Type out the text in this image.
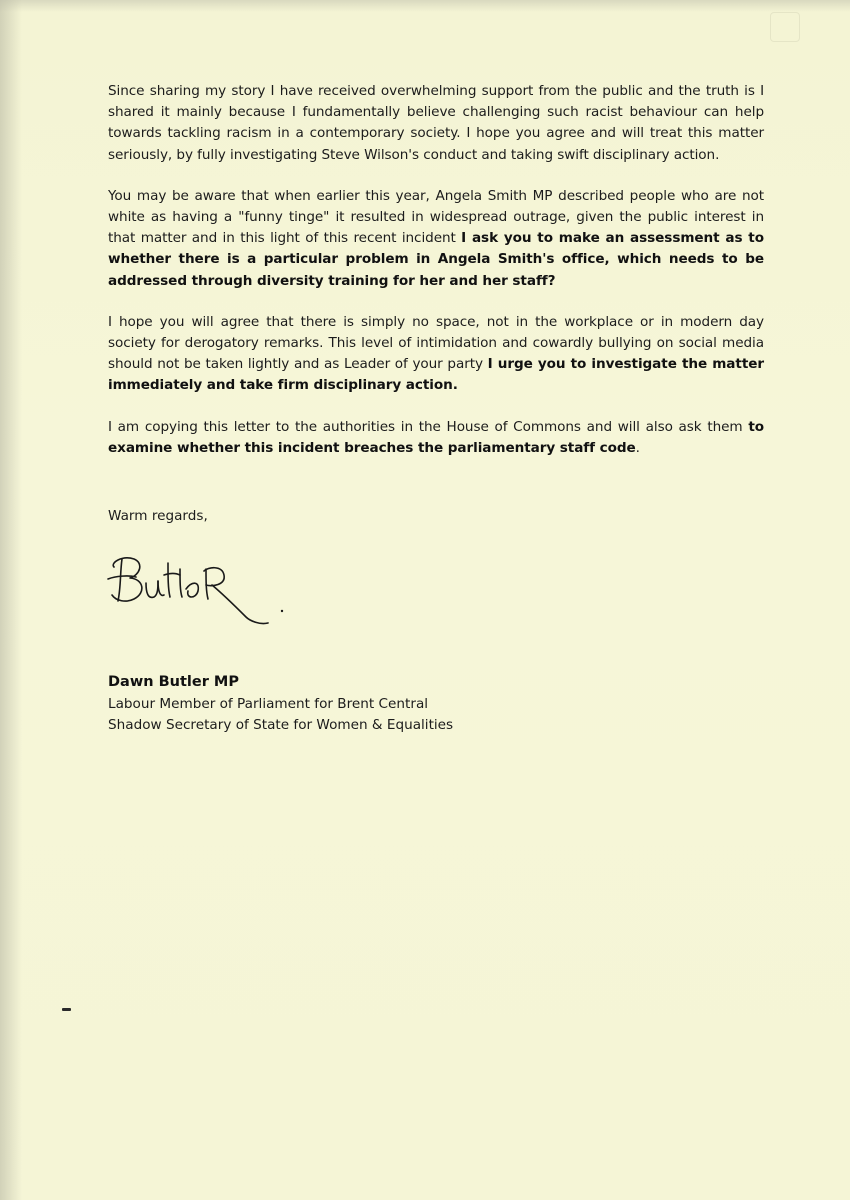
Since sharing my story I have received overwhelming support from the public and the truth is I shared it mainly because I fundamentally believe challenging such racist behaviour can help towards tackling racism in a contemporary society. I hope you agree and will treat this matter seriously, by fully investigating Steve Wilson's conduct and taking swift disciplinary action.

You may be aware that when earlier this year, Angela Smith MP described people who are not white as having a "funny tinge" it resulted in widespread outrage, given the public interest in that matter and in this light of this recent incident I ask you to make an assessment as to whether there is a particular problem in Angela Smith's office, which needs to be addressed through diversity training for her and her staff?

I hope you will agree that there is simply no space, not in the workplace or in modern day society for derogatory remarks. This level of intimidation and cowardly bullying on social media should not be taken lightly and as Leader of your party I urge you to investigate the matter immediately and take firm disciplinary action.

I am copying this letter to the authorities in the House of Commons and will also ask them to examine whether this incident breaches the parliamentary staff code.

Warm regards,
Dawn Butler MP
Labour Member of Parliament for Brent Central
Shadow Secretary of State for Women & Equalities
